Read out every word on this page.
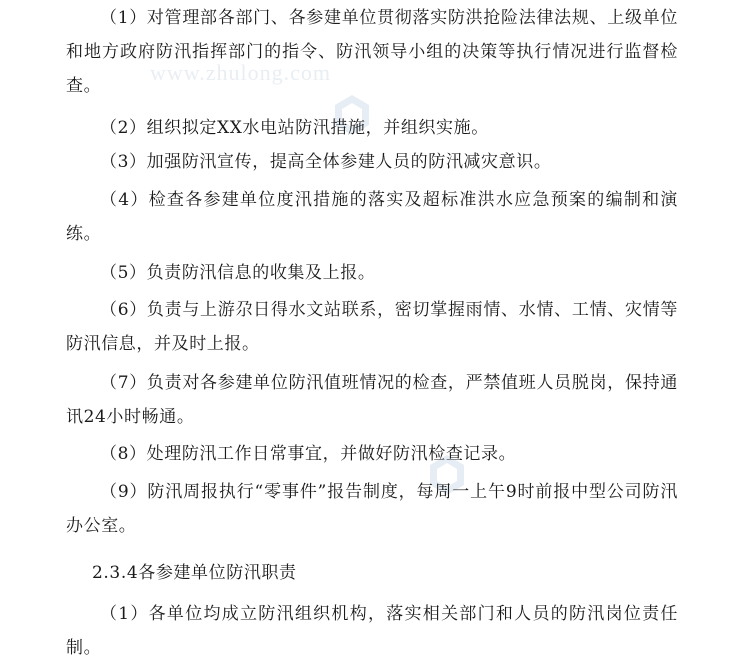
www.zhulong.com

（1）对管理部各部门、各参建单位贯彻落实防洪抢险法律法规、上级单位和地方政府防汛指挥部门的指令、防汛领导小组的决策等执行情况进行监督检查。

（2）组织拟定XX水电站防汛措施，并组织实施。

（3）加强防汛宣传，提高全体参建人员的防汛减灾意识。

（4）检查各参建单位度汛措施的落实及超标准洪水应急预案的编制和演练。

（5）负责防汛信息的收集及上报。

（6）负责与上游尕日得水文站联系，密切掌握雨情、水情、工情、灾情等防汛信息，并及时上报。

（7）负责对各参建单位防汛值班情况的检查，严禁值班人员脱岗，保持通讯24小时畅通。

（8）处理防汛工作日常事宜，并做好防汛检查记录。

（9）防汛周报执行“零事件”报告制度，每周一上午9时前报中型公司防汛办公室。

2.3.4各参建单位防汛职责

（1）各单位均成立防汛组织机构，落实相关部门和人员的防汛岗位责任制。
